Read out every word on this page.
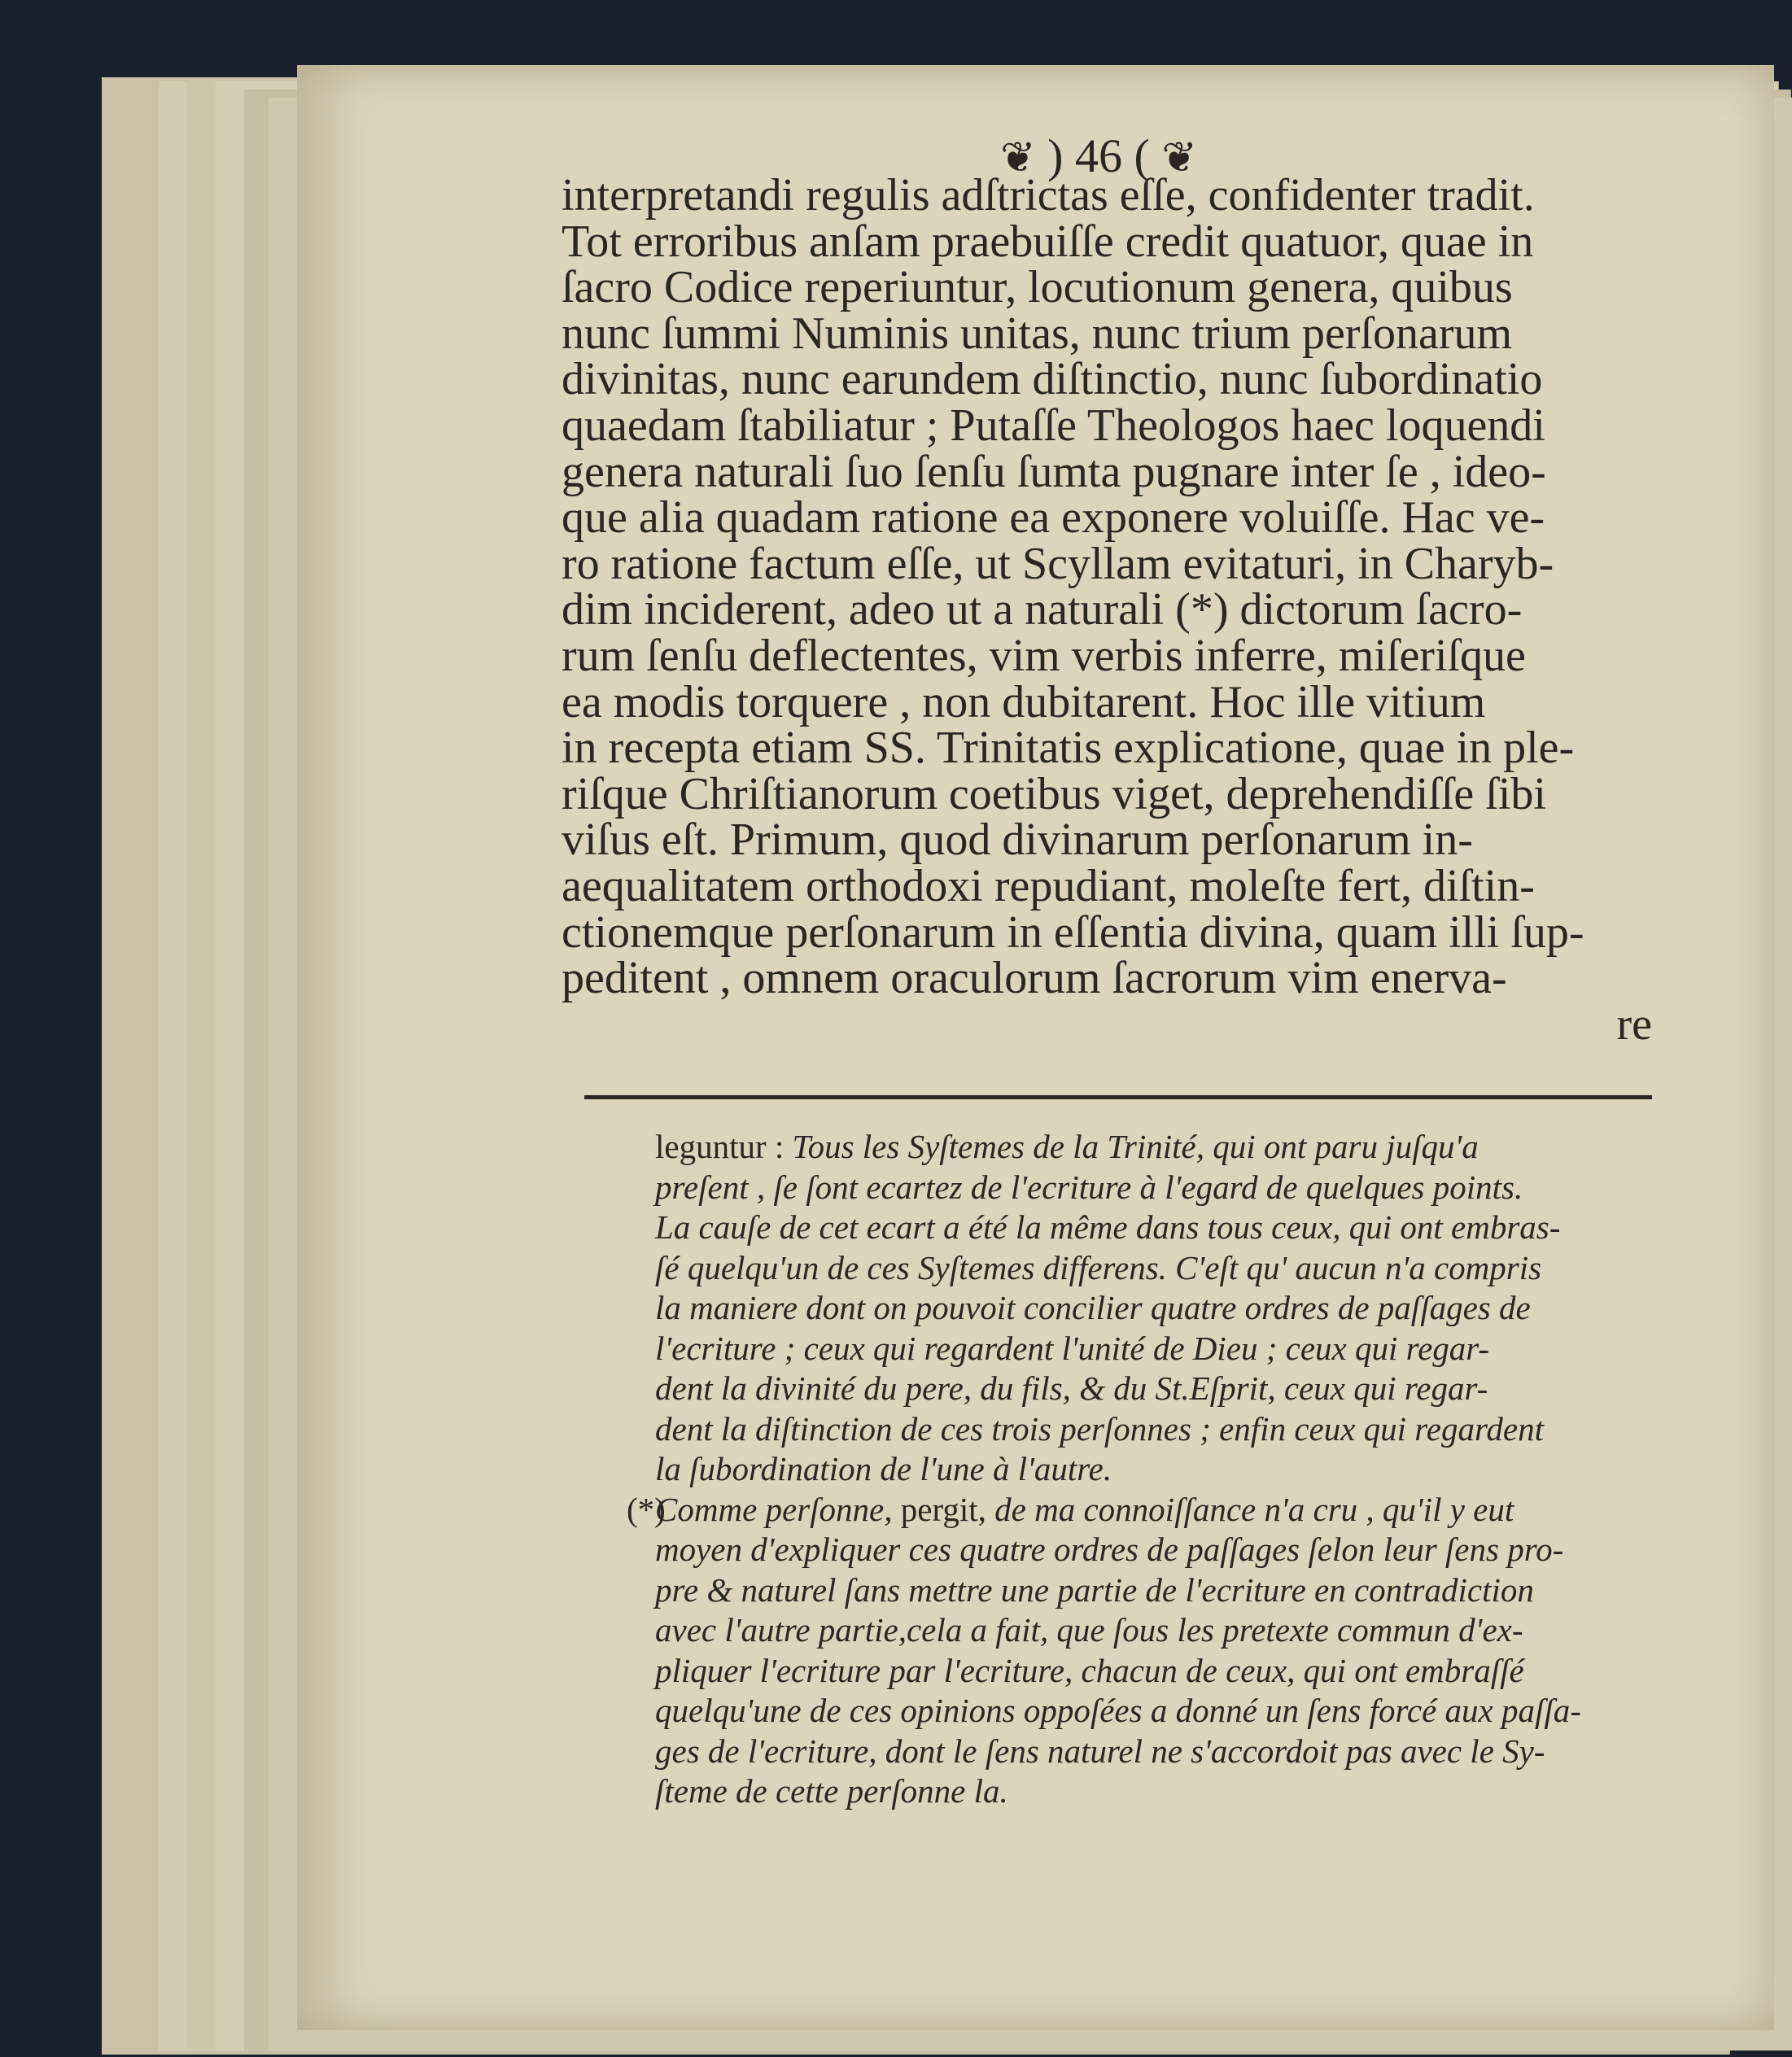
❦ ) 46 ( ❦
interpretandi regulis adſtrictas eſſe, confidenter tradit.
Tot erroribus anſam praebuiſſe credit quatuor, quae in
ſacro Codice reperiuntur, locutionum genera, quibus
nunc ſummi Numinis unitas, nunc trium perſonarum
divinitas, nunc earundem diſtinctio, nunc ſubordinatio
quaedam ſtabiliatur ; Putaſſe Theologos haec loquendi
genera naturali ſuo ſenſu ſumta pugnare inter ſe , ideo-
que alia quadam ratione ea exponere voluiſſe. Hac ve-
ro ratione factum eſſe, ut Scyllam evitaturi, in Charyb-
dim inciderent, adeo ut a naturali (*) dictorum ſacro-
rum ſenſu deflectentes, vim verbis inferre, miſeriſque
ea modis torquere , non dubitarent. Hoc ille vitium
in recepta etiam SS. Trinitatis explicatione, quae in ple-
riſque Chriſtianorum coetibus viget, deprehendiſſe ſibi
viſus eſt. Primum, quod divinarum perſonarum in-
aequalitatem orthodoxi repudiant, moleſte fert, diſtin-
ctionemque perſonarum in eſſentia divina, quam illi ſup-
peditent , omnem oraculorum ſacrorum vim enerva-
re
leguntur : Tous les Syſtemes de la Trinité, qui ont paru juſqu'a
preſent , ſe ſont ecartez de l'ecriture à l'egard de quelques points.
La cauſe de cet ecart a été la même dans tous ceux, qui ont embras-
ſé quelqu'un de ces Syſtemes differens. C'eſt qu' aucun n'a compris
la maniere dont on pouvoit concilier quatre ordres de paſſages de
l'ecriture ; ceux qui regardent l'unité de Dieu ; ceux qui regar-
dent la divinité du pere, du fils, & du St.Eſprit, ceux qui regar-
dent la diſtinction de ces trois perſonnes ; enfin ceux qui regardent
la ſubordination de l'une à l'autre.
(*)
Comme perſonne, pergit, de ma connoiſſance n'a cru , qu'il y eut
moyen d'expliquer ces quatre ordres de paſſages ſelon leur ſens pro-
pre & naturel ſans mettre une partie de l'ecriture en contradiction
avec l'autre partie,cela a fait, que ſous les pretexte commun d'ex-
pliquer l'ecriture par l'ecriture, chacun de ceux, qui ont embraſſé
quelqu'une de ces opinions oppoſées a donné un ſens forcé aux paſſa-
ges de l'ecriture, dont le ſens naturel ne s'accordoit pas avec le Sy-
ſteme de cette perſonne la.
